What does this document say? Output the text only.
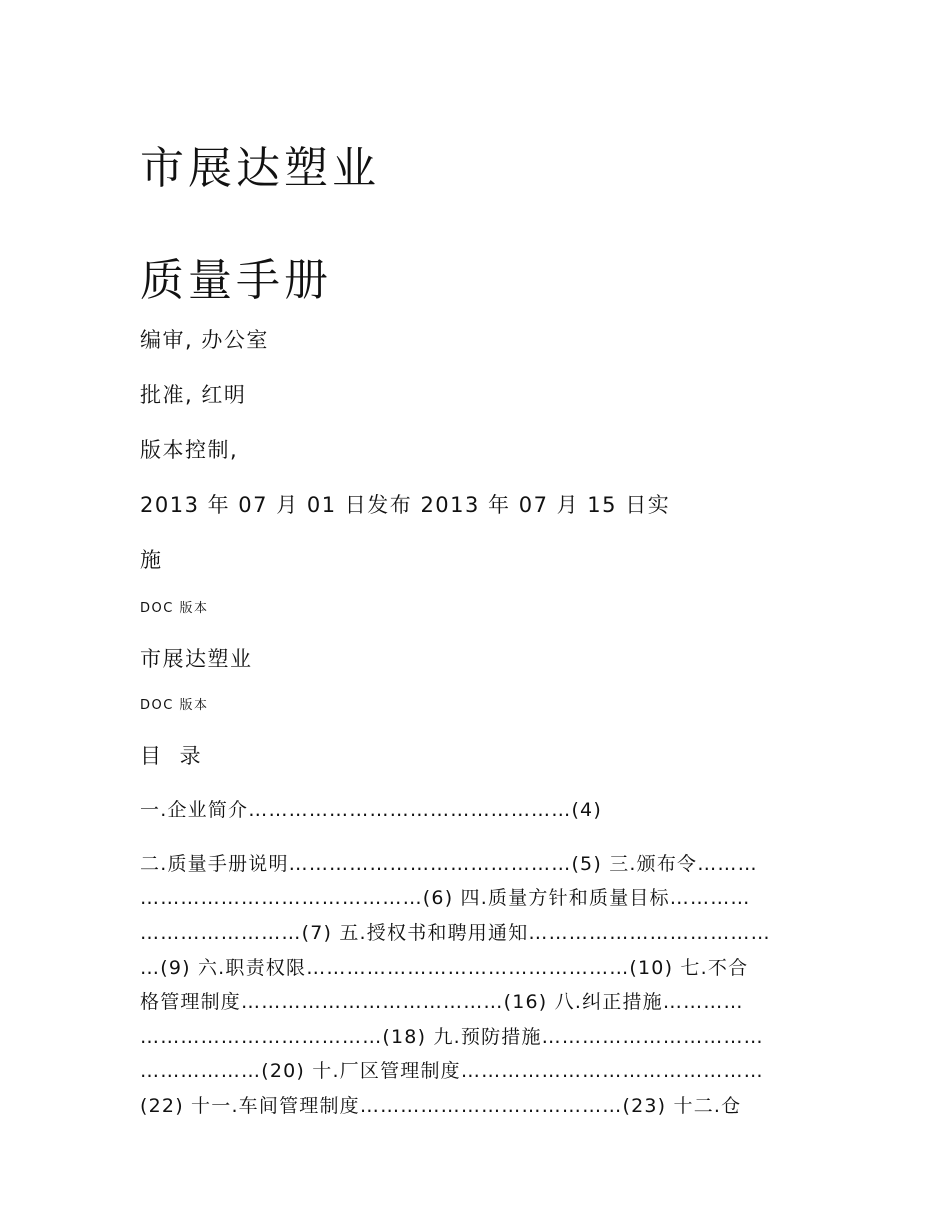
市展达塑业
质量手册
编审, 办公室
批准, 红明
版本控制,
2013 年 07 月 01 日发布 2013 年 07 月 15 日实
施
DOC 版本
市展达塑业
DOC 版本
目 录
一.企业简介…………………………………………(4)
二.质量手册说明……………………………………(5) 三.颁布令………
……………………………………(6) 四.质量方针和质量目标…………
……………………(7) 五.授权书和聘用通知………………………………
…(9) 六.职责权限…………………………………………(10) 七.不合
格管理制度…………………………………(16) 八.纠正措施…………
………………………………(18) 九.预防措施……………………………
………………(20) 十.厂区管理制度………………………………………
(22) 十一.车间管理制度…………………………………(23) 十二.仓
